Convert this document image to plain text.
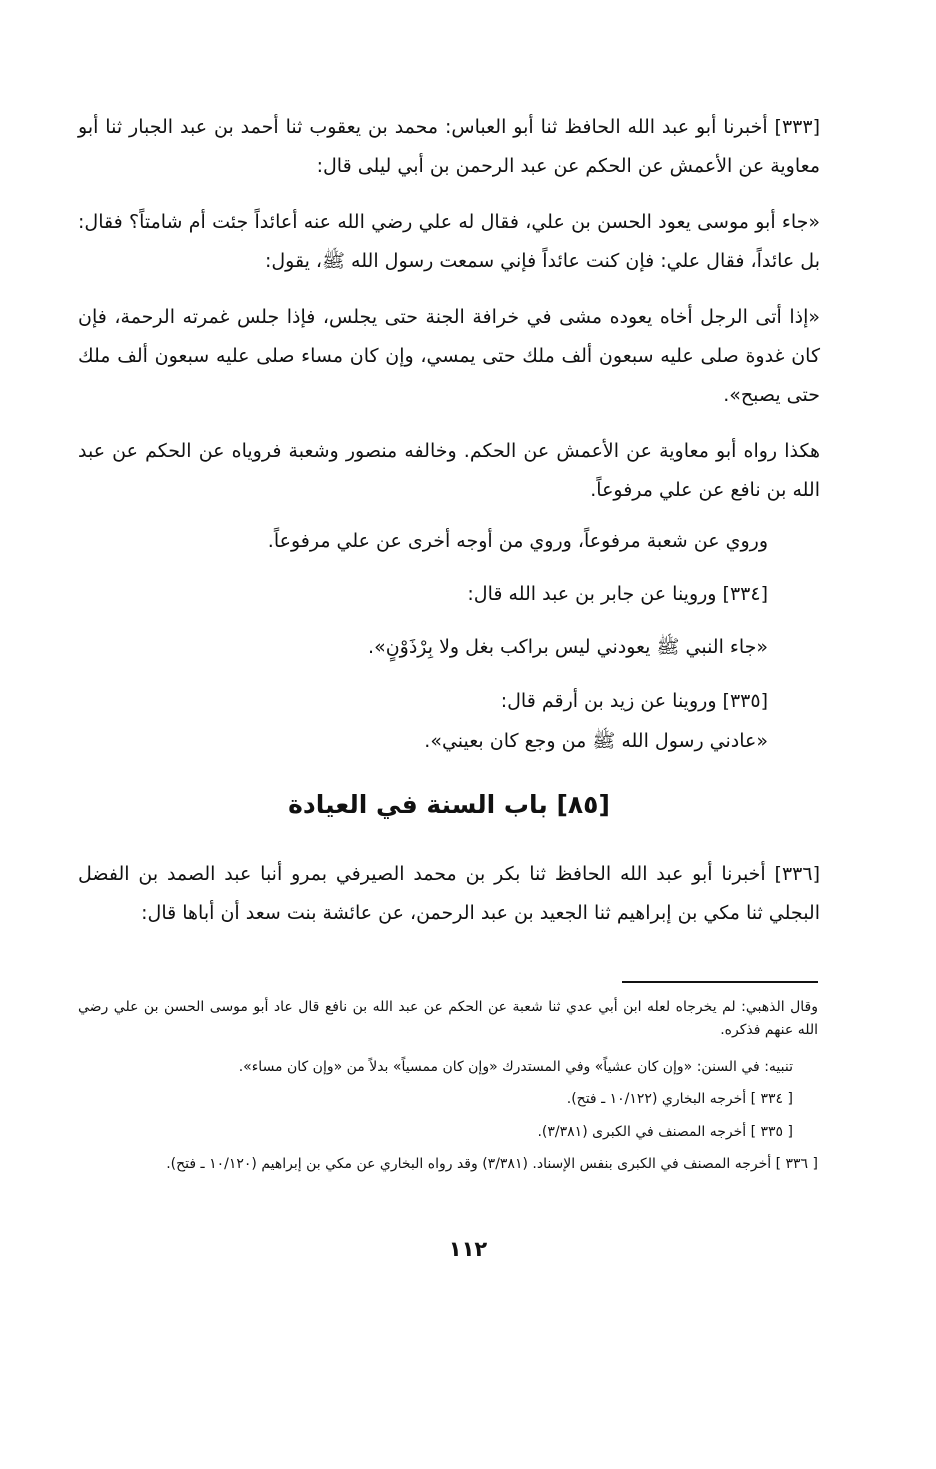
[٣٣٣] أخبرنا أبو عبد الله الحافظ ثنا أبو العباس: محمد بن يعقوب ثنا أحمد بن عبد الجبار ثنا أبو معاوية عن الأعمش عن الحكم عن عبد الرحمن بن أبي ليلى قال:
«جاء أبو موسى يعود الحسن بن علي، فقال له علي رضي الله عنه أعائداً جئت أم شامتاً؟ فقال: بل عائداً، فقال علي: فإن كنت عائداً فإني سمعت رسول الله ﷺ، يقول:
«إذا أتى الرجل أخاه يعوده مشى في خرافة الجنة حتى يجلس، فإذا جلس غمرته الرحمة، فإن كان غدوة صلى عليه سبعون ألف ملك حتى يمسي، وإن كان مساء صلى عليه سبعون ألف ملك حتى يصبح».
هكذا رواه أبو معاوية عن الأعمش عن الحكم. وخالفه منصور وشعبة فروياه عن الحكم عن عبد الله بن نافع عن علي مرفوعاً.
وروي عن شعبة مرفوعاً، وروي من أوجه أخرى عن علي مرفوعاً.
[٣٣٤] وروينا عن جابر بن عبد الله قال:
«جاء النبي ﷺ يعودني ليس براكب بغل ولا بِرْذَوْنٍ».
[٣٣٥] وروينا عن زيد بن أرقم قال:
«عادني رسول الله ﷺ من وجع كان بعيني».
[٨٥] باب السنة في العيادة
[٣٣٦] أخبرنا أبو عبد الله الحافظ ثنا بكر بن محمد الصيرفي بمرو أنبا عبد الصمد بن الفضل البجلي ثنا مكي بن إبراهيم ثنا الجعيد بن عبد الرحمن، عن عائشة بنت سعد أن أباها قال:
وقال الذهبي: لم يخرجاه لعله ابن أبي عدي ثنا شعبة عن الحكم عن عبد الله بن نافع قال عاد أبو موسى الحسن بن علي رضي الله عنهم فذكره.
تنبيه: في السنن: «وإن كان عشياً» وفي المستدرك «وإن كان ممسياً» بدلاً من «وإن كان مساء».
[ ٣٣٤ ] أخرجه البخاري (١٠/١٢٢ ـ فتح).
[ ٣٣٥ ] أخرجه المصنف في الكبرى (٣/٣٨١).
[ ٣٣٦ ] أخرجه المصنف في الكبرى بنفس الإسناد. (٣/٣٨١) وقد رواه البخاري عن مكي بن إبراهيم (١٠/١٢٠ ـ فتح).
١١٢
